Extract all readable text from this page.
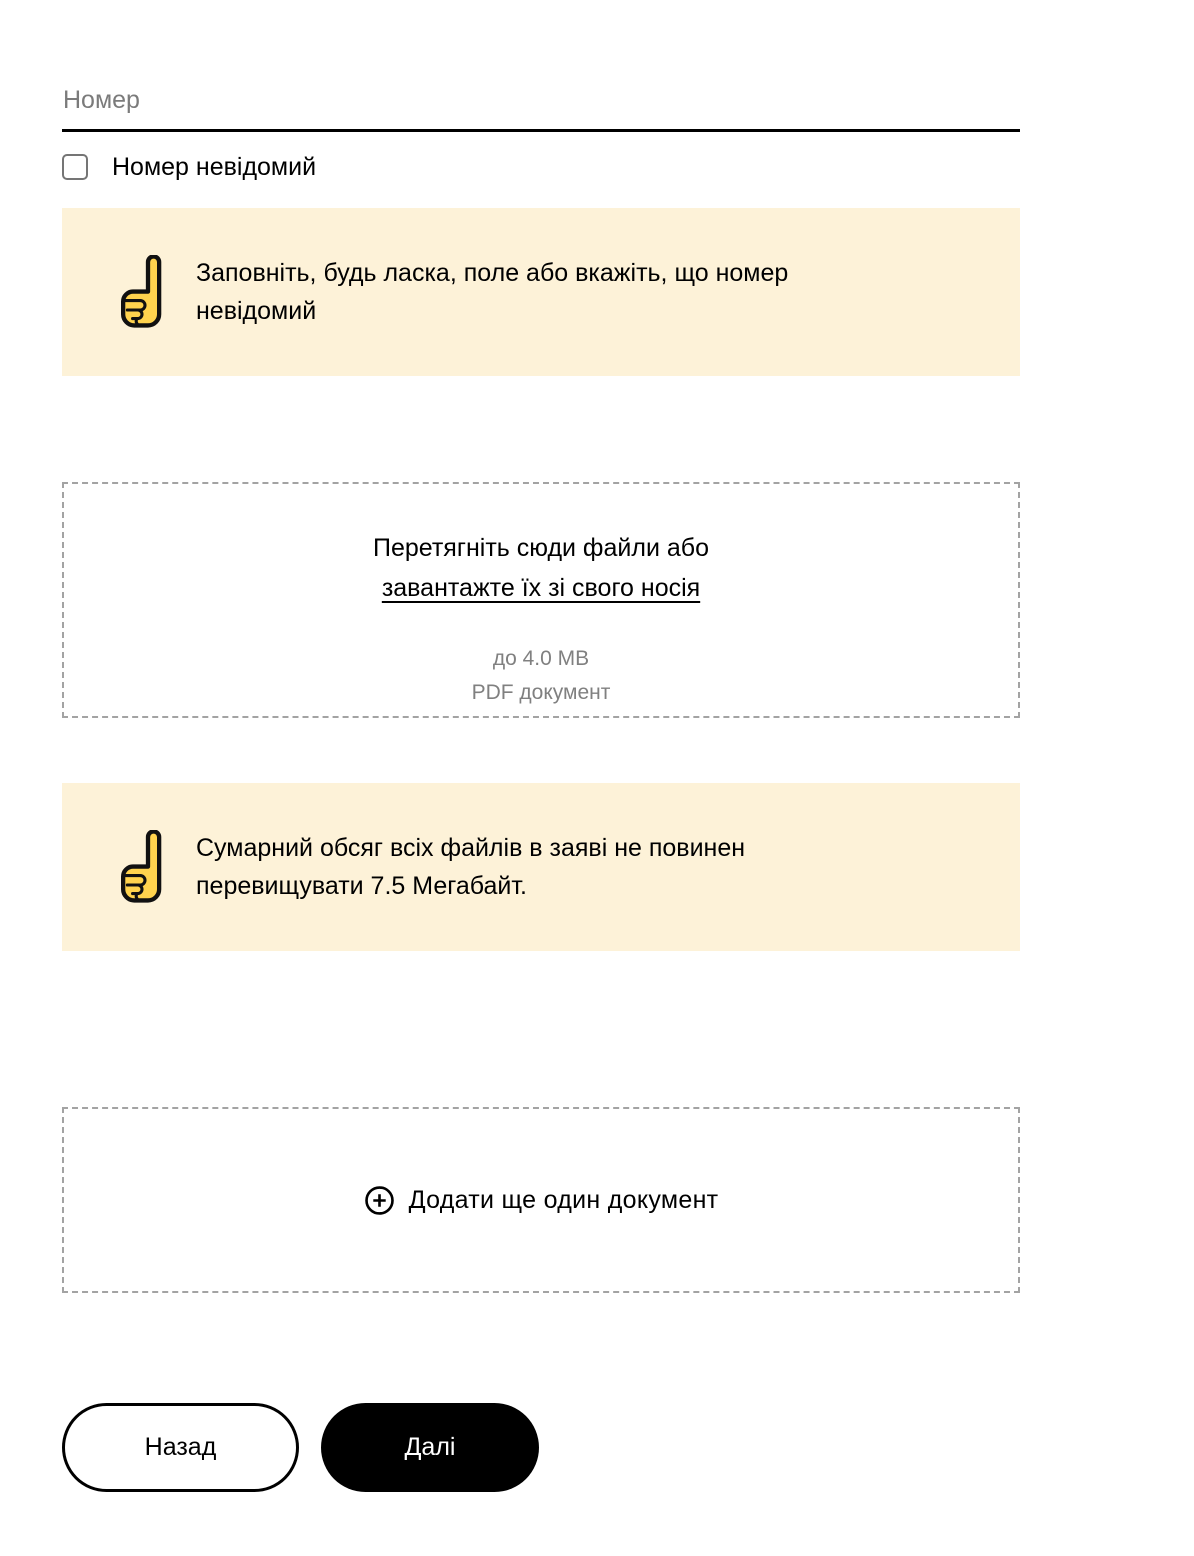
Номер
Номер невідомий

Заповніть, будь ласка, поле або вкажіть, що номер невідомий

Перетягніть сюди файли або
завантажте їх зі свого носія
до 4.0 MB
PDF документ

Сумарний обсяг всіх файлів в заяві не повинен перевищувати 7.5 Мегабайт.

Додати ще один документ
Назад	Далі
